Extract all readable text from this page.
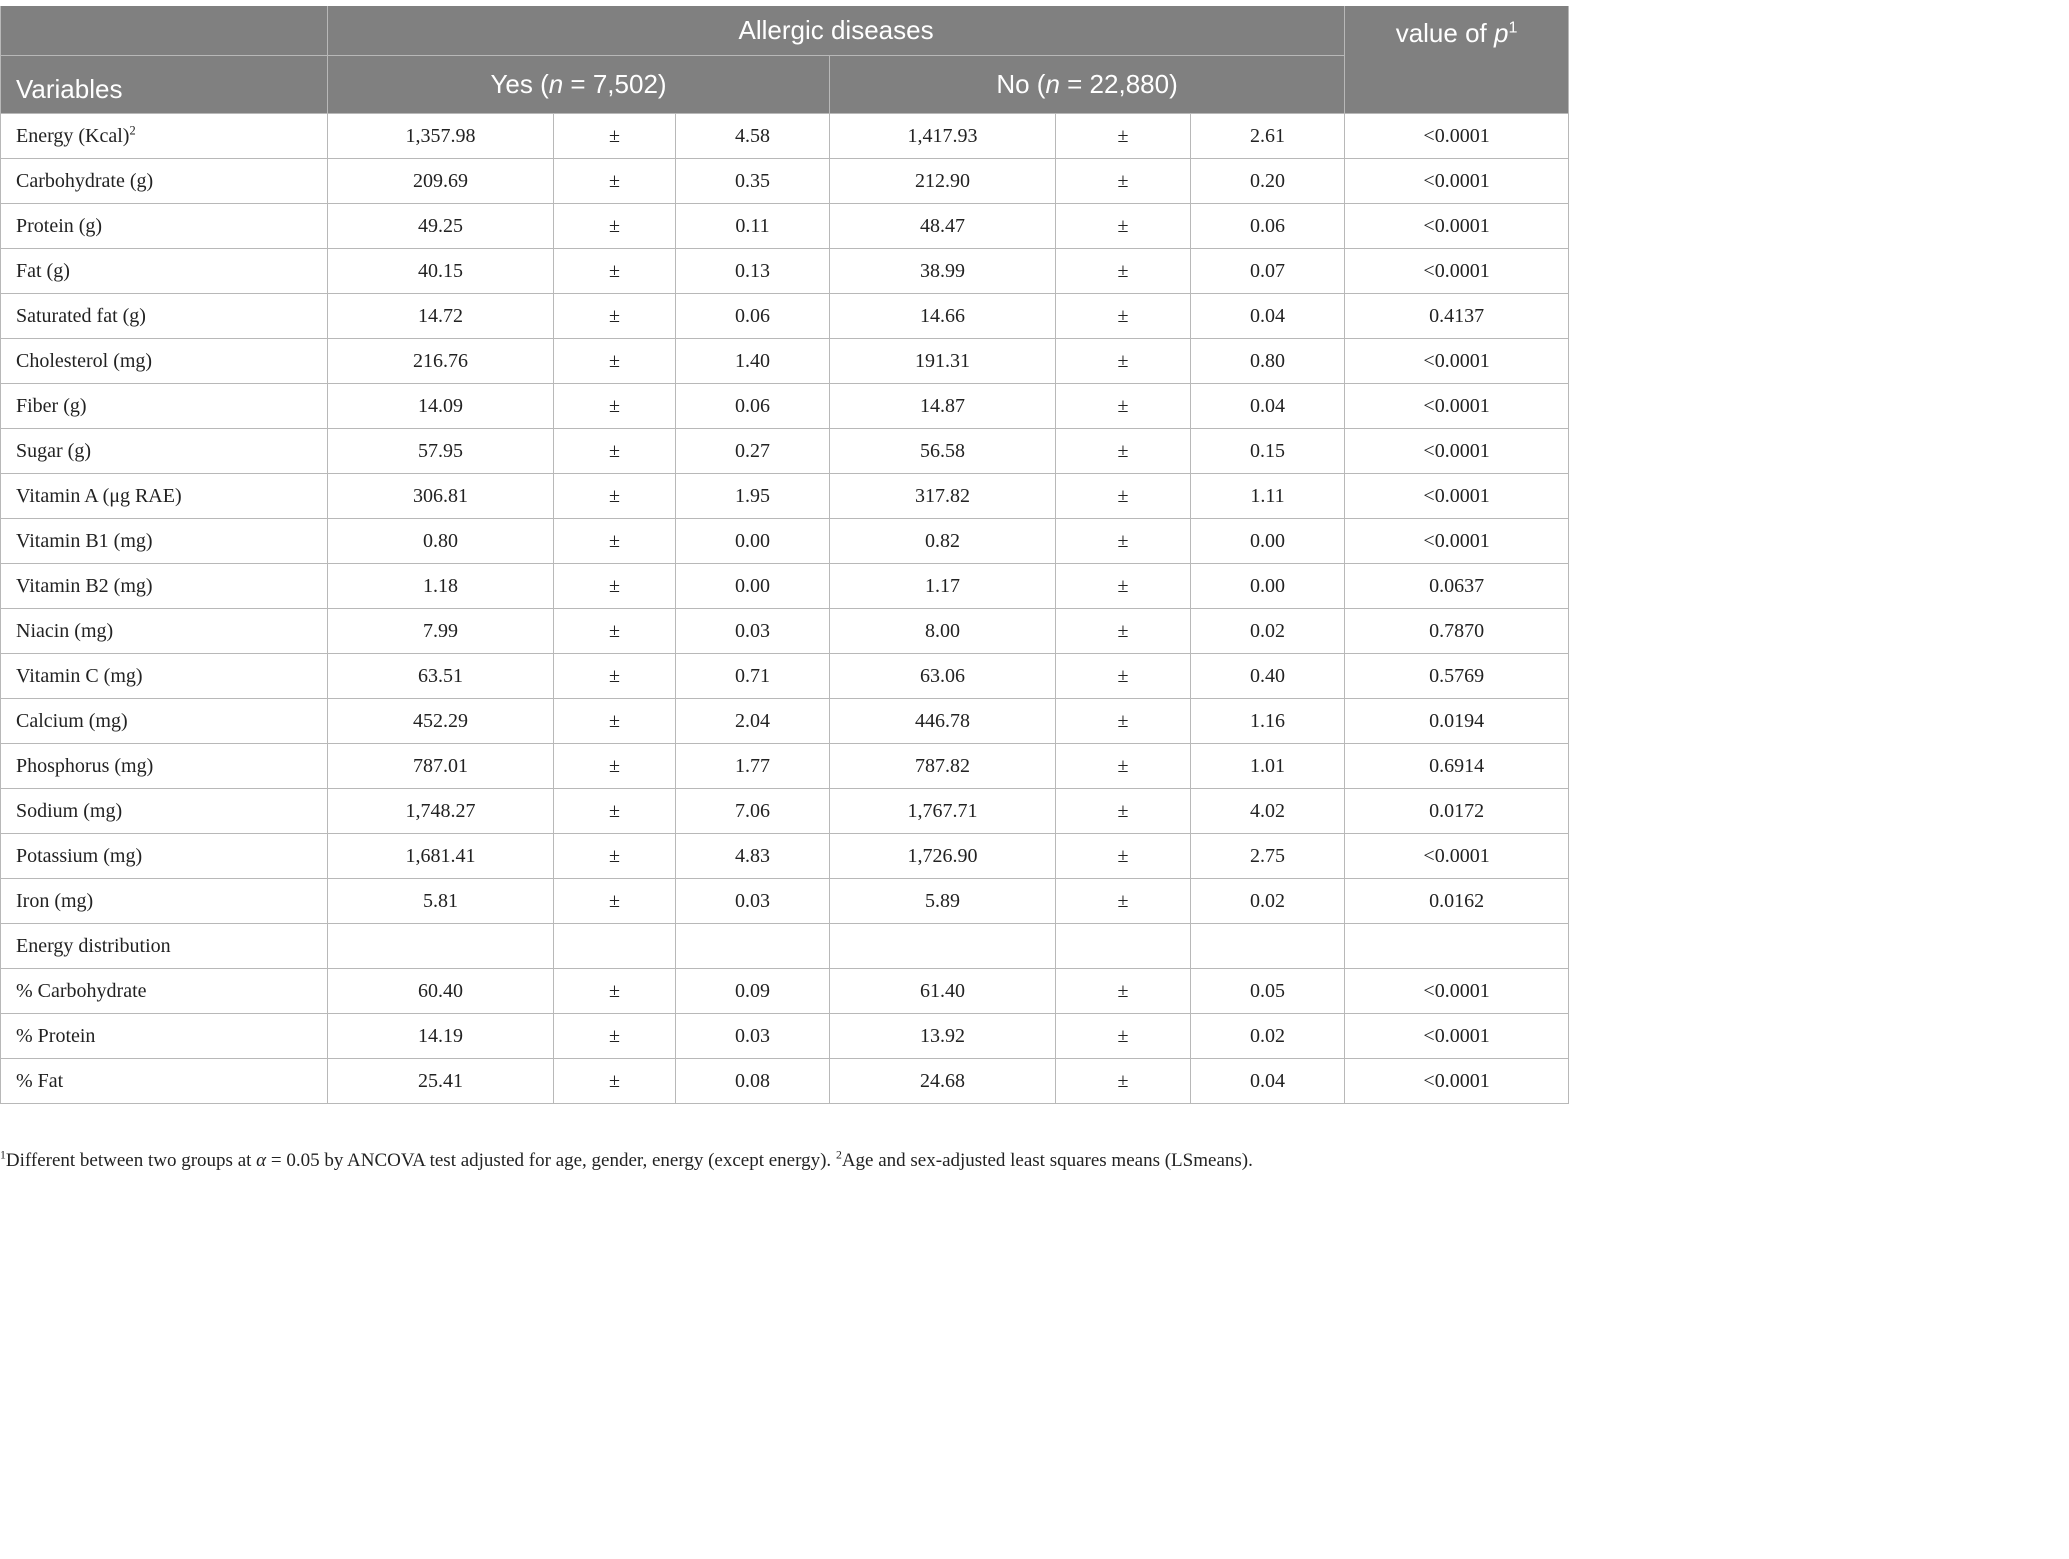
	Allergic diseases						value of $p^1$
Variables	Yes (n = 7,502)			No (n = 22,880)			
Energy (Kcal)$^2$	1,357.98	±	4.58	1,417.93	±	2.61	<0.0001
Carbohydrate (g)	209.69	±	0.35	212.90	±	0.20	<0.0001
Protein (g)	49.25	±	0.11	48.47	±	0.06	<0.0001
Fat (g)	40.15	±	0.13	38.99	±	0.07	<0.0001
Saturated fat (g)	14.72	±	0.06	14.66	±	0.04	0.4137
Cholesterol (mg)	216.76	±	1.40	191.31	±	0.80	<0.0001
Fiber (g)	14.09	±	0.06	14.87	±	0.04	<0.0001
Sugar (g)	57.95	±	0.27	56.58	±	0.15	<0.0001
Vitamin A (μg RAE)	306.81	±	1.95	317.82	±	1.11	<0.0001
Vitamin B1 (mg)	0.80	±	0.00	0.82	±	0.00	<0.0001
Vitamin B2 (mg)	1.18	±	0.00	1.17	±	0.00	0.0637
Niacin (mg)	7.99	±	0.03	8.00	±	0.02	0.7870
Vitamin C (mg)	63.51	±	0.71	63.06	±	0.40	0.5769
Calcium (mg)	452.29	±	2.04	446.78	±	1.16	0.0194
Phosphorus (mg)	787.01	±	1.77	787.82	±	1.01	0.6914
Sodium (mg)	1,748.27	±	7.06	1,767.71	±	4.02	0.0172
Potassium (mg)	1,681.41	±	4.83	1,726.90	±	2.75	<0.0001
Iron (mg)	5.81	±	0.03	5.89	±	0.02	0.0162
Energy distribution							
% Carbohydrate	60.40	±	0.09	61.40	±	0.05	<0.0001
% Protein	14.19	±	0.03	13.92	±	0.02	<0.0001
% Fat	25.41	±	0.08	24.68	±	0.04	<0.0001
$^1$Different between two groups at α = 0.05 by ANCOVA test adjusted for age, gender, energy (except energy). $^2$Age and sex-adjusted least squares means (LSmeans).
